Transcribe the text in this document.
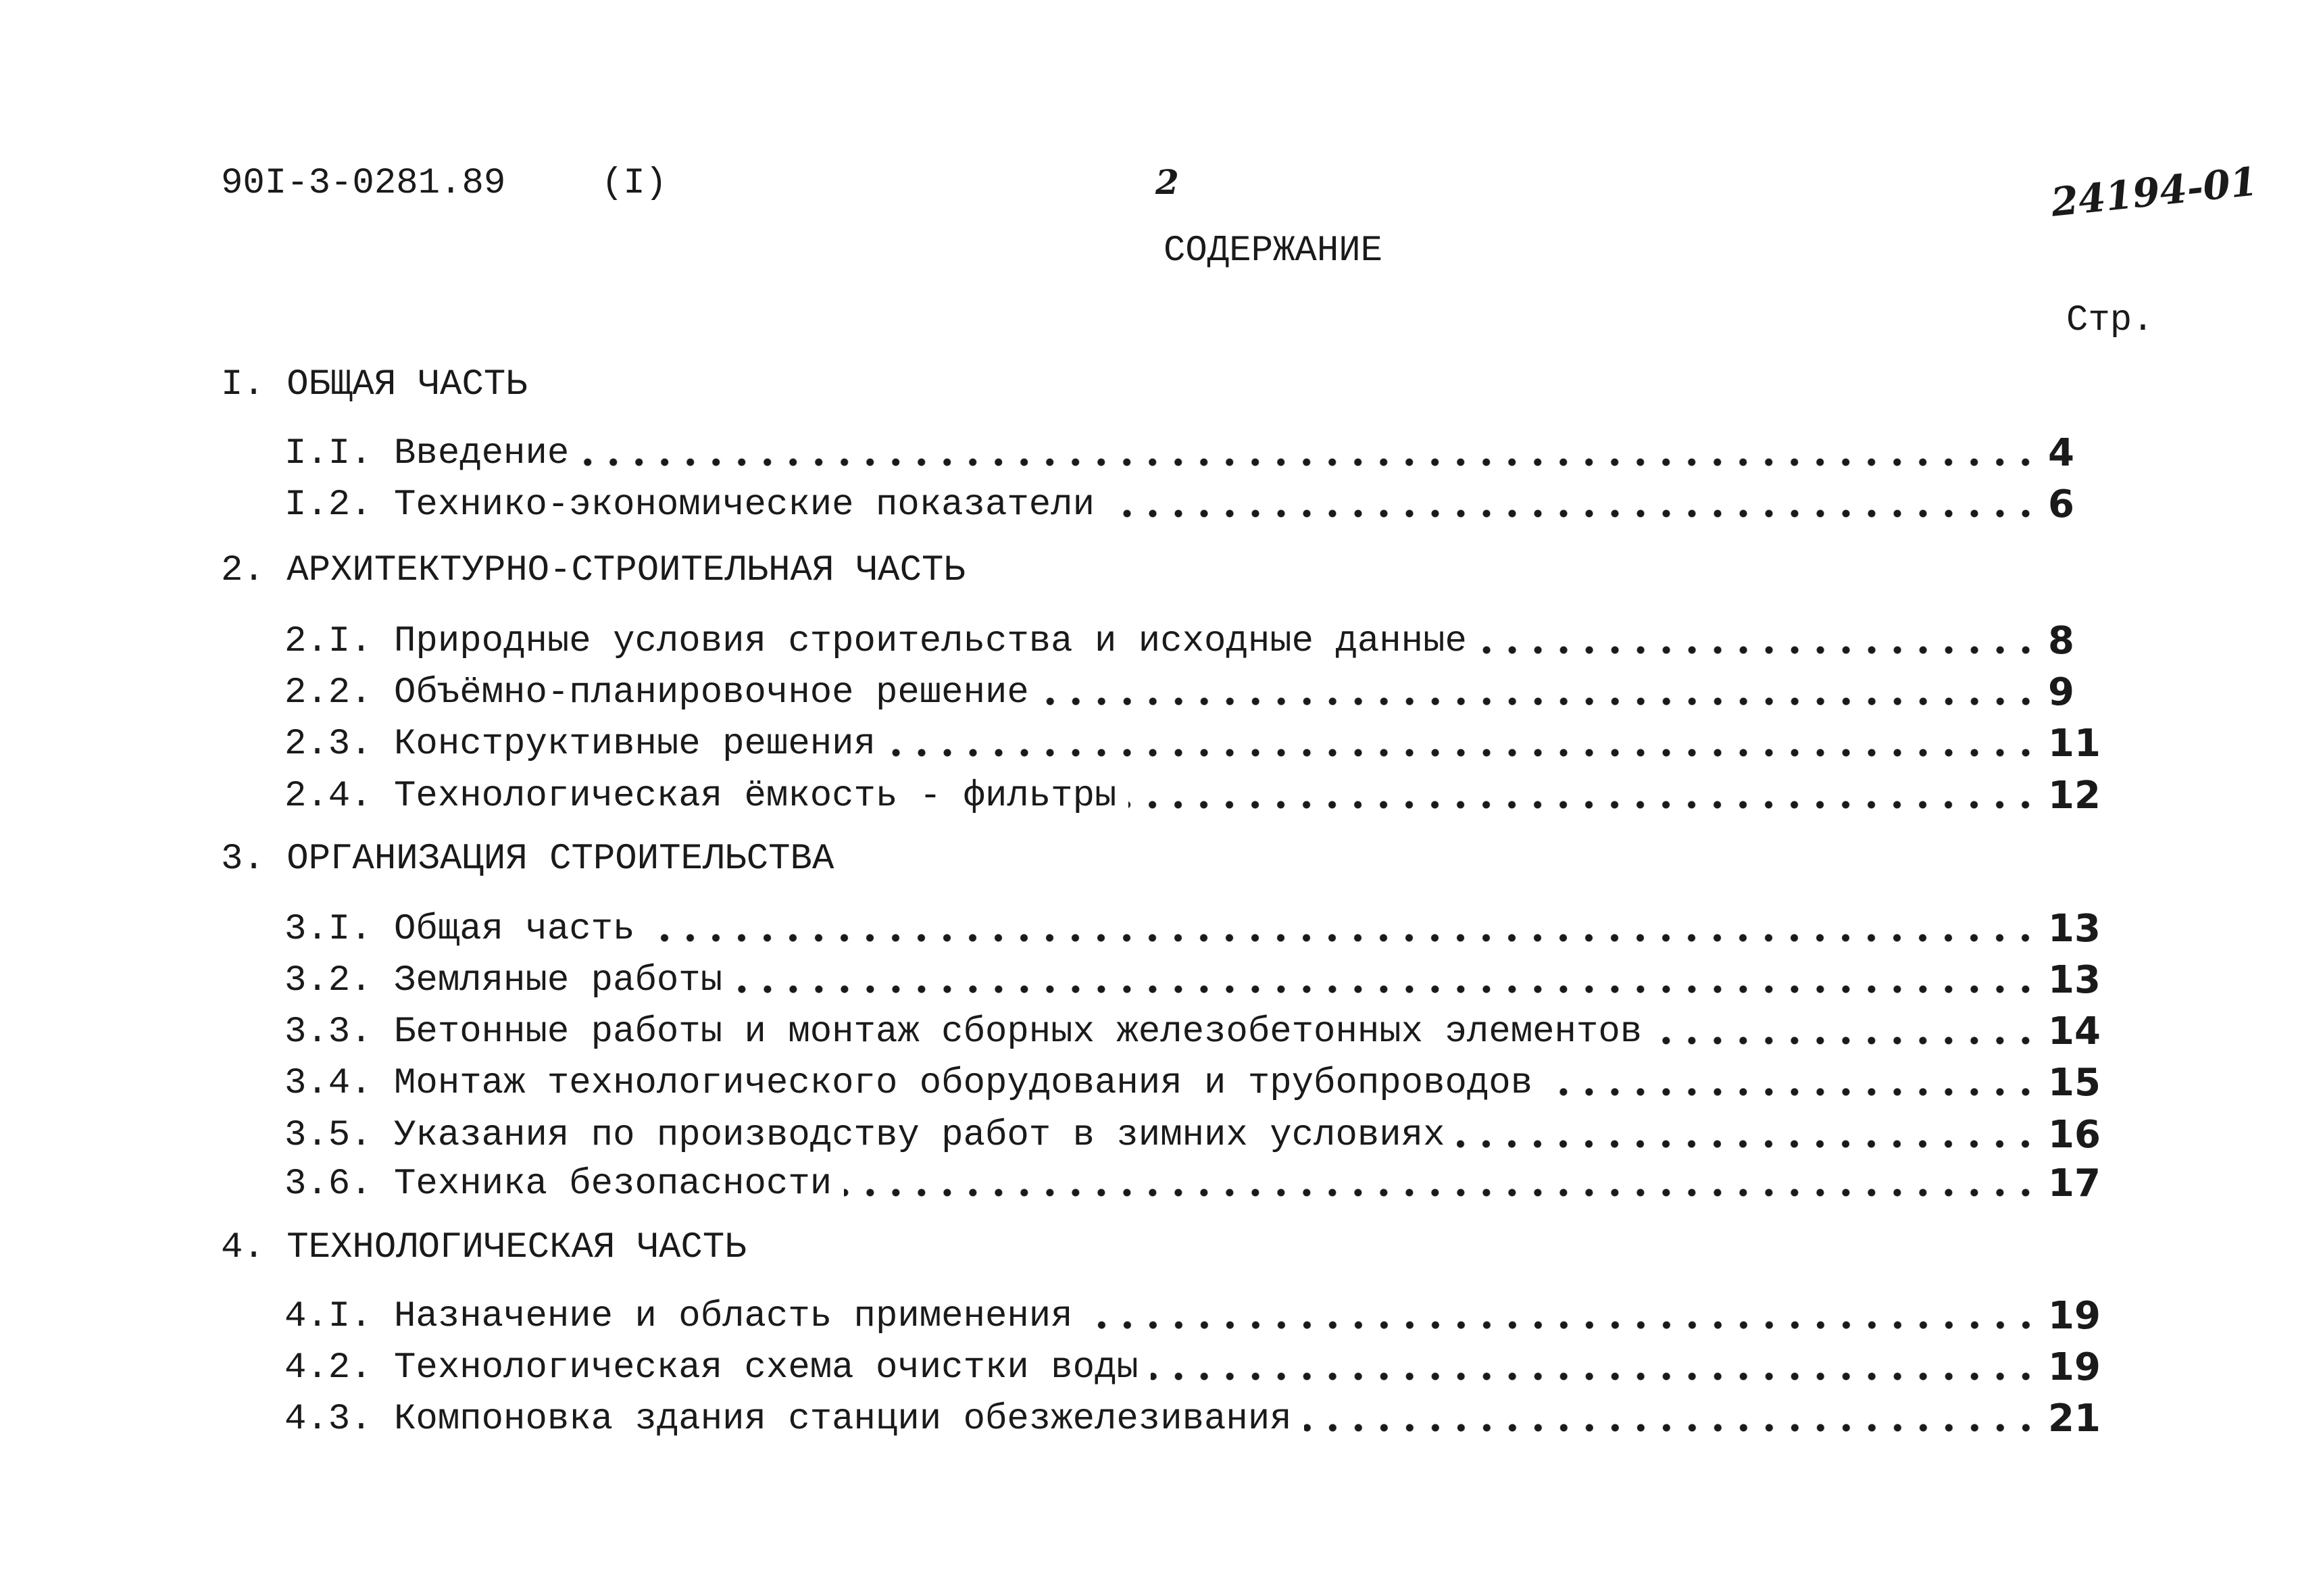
90I-3-0281.89	(I)	2	24194-01
СОДЕРЖАНИЕ
Стр.
I. ОБЩАЯ ЧАСТЬ
I.I. Введение	4
I.2. Технико-экономические показатели	6
2. АРХИТЕКТУРНО-СТРОИТЕЛЬНАЯ ЧАСТЬ
2.I. Природные условия строительства и исходные данные	8
2.2. Объёмно-планировочное решение	9
2.3. Конструктивные решения	11
2.4. Технологическая ёмкость - фильтры	12
3. ОРГАНИЗАЦИЯ СТРОИТЕЛЬСТВА
3.I. Общая часть	13
3.2. Земляные работы	13
3.3. Бетонные работы и монтаж сборных железобетонных элементов	14
3.4. Монтаж технологического оборудования и трубопроводов	15
3.5. Указания по производству работ в зимних условиях	16
3.6. Техника безопасности	17
4. ТЕХНОЛОГИЧЕСКАЯ ЧАСТЬ
4.I. Назначение и область применения	19
4.2. Технологическая схема очистки воды	19
4.3. Компоновка здания станции обезжелезивания	21
